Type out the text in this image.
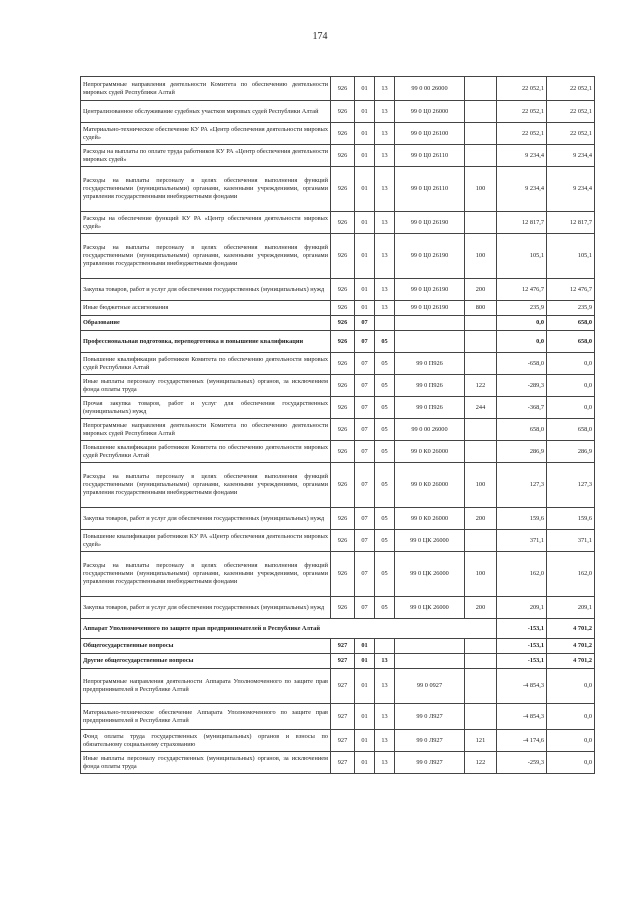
174
Непрограммные направления деятельности Комитета по обеспечению деятельности мировых судей Республики Алтай	926	01	13	99 0 00 26000		22 052,1	22 052,1
Централизованное обслуживание судебных участков мировых судей Республики Алтай	926	01	13	99 0 Ц0 26000		22 052,1	22 052,1
Материально-техническое обеспечение КУ РА «Центр обеспечения деятельности мировых судей»	926	01	13	99 0 Ц0 26100		22 052,1	22 052,1
Расходы на выплаты по оплате труда работников КУ РА «Центр обеспечения деятельности мировых судей»	926	01	13	99 0 Ц0 26110		9 234,4	9 234,4
Расходы на выплаты персоналу в целях обеспечения выполнения функций государственными (муниципальными) органами, казенными учреждениями, органами управления государственными внебюджетными фондами	926	01	13	99 0 Ц0 26110	100	9 234,4	9 234,4
Расходы на обеспечение функций КУ РА «Центр обеспечения деятельности мировых судей»	926	01	13	99 0 Ц0 26190		12 817,7	12 817,7
Расходы на выплаты персоналу в целях обеспечения выполнения функций государственными (муниципальными) органами, казенными учреждениями, органами управления государственными внебюджетными фондами	926	01	13	99 0 Ц0 26190	100	105,1	105,1
Закупка товаров, работ и услуг для обеспечения государственных (муниципальных) нужд	926	01	13	99 0 Ц0 26190	200	12 476,7	12 476,7
Иные бюджетные ассигнования	926	01	13	99 0 Ц0 26190	800	235,9	235,9
Образование	926	07				0,0	658,0
Профессиональная подготовка, переподготовка и повышение квалификации	926	07	05			0,0	658,0
Повышение квалификации работников Комитета по обеспечению деятельности мировых судей Республики Алтай	926	07	05	99 0 П926		-658,0	0,0
Иные выплаты персоналу государственных (муниципальных) органов, за исключением фонда оплаты труда	926	07	05	99 0 П926	122	-289,3	0,0
Прочая закупка товаров, работ и услуг для обеспечения государственных (муниципальных) нужд	926	07	05	99 0 П926	244	-368,7	0,0
Непрограммные направления деятельности Комитета по обеспечению деятельности мировых судей Республики Алтай	926	07	05	99 0 00 26000		658,0	658,0
Повышение квалификации работников Комитета по обеспечению деятельности мировых судей Республики Алтай	926	07	05	99 0 К0 26000		286,9	286,9
Расходы на выплаты персоналу в целях обеспечения выполнения функций государственными (муниципальными) органами, казенными учреждениями, органами управления государственными внебюджетными фондами	926	07	05	99 0 К0 26000	100	127,3	127,3
Закупка товаров, работ и услуг для обеспечения государственных (муниципальных) нужд	926	07	05	99 0 К0 26000	200	159,6	159,6
Повышение квалификации работников КУ РА «Центр обеспечения деятельности мировых судей»	926	07	05	99 0 ЦК 26000		371,1	371,1
Расходы на выплаты персоналу в целях обеспечения выполнения функций государственными (муниципальными) органами, казенными учреждениями, органами управления государственными внебюджетными фондами	926	07	05	99 0 ЦК 26000	100	162,0	162,0
Закупка товаров, работ и услуг для обеспечения государственных (муниципальных) нужд	926	07	05	99 0 ЦК 26000	200	209,1	209,1
Аппарат Уполномоченного по защите прав предпринимателей в Республике Алтай						-153,1	4 701,2
Общегосударственные вопросы	927	01				-153,1	4 701,2
Другие общегосударственные вопросы	927	01	13			-153,1	4 701,2
Непрограммные направления деятельности Аппарата Уполномоченного по защите прав предпринимателей в Республике Алтай	927	01	13	99 0 0927		-4 854,3	0,0
Материально-техническое обеспечение Аппарата Уполномоченного по защите прав предпринимателей в Республике Алтай	927	01	13	99 0 Л927		-4 854,3	0,0
Фонд оплаты труда государственных (муниципальных) органов и взносы по обязательному социальному страхованию	927	01	13	99 0 Л927	121	-4 174,6	0,0
Иные выплаты персоналу государственных (муниципальных) органов, за исключением фонда оплаты труда	927	01	13	99 0 Л927	122	-259,3	0,0
